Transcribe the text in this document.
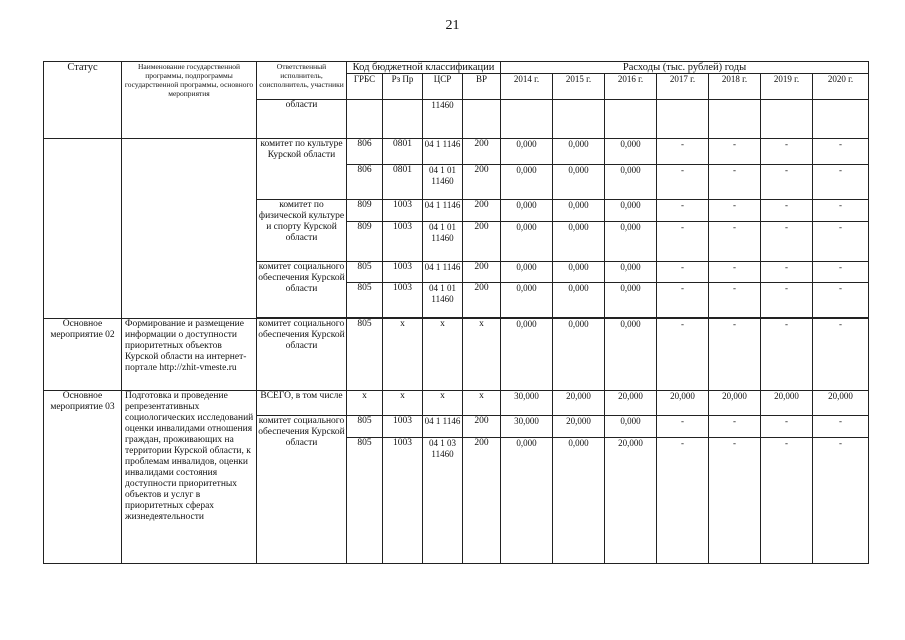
21
Статус	Наименование государственной программы, подпрограммы государственной программы, основного мероприятия	Ответственный исполнитель, соисполнитель, участники	Код бюджетной классификации				Расходы (тыс. рублей) годы						
			ГРБС	Рз Пр	ЦСР	ВР	2014 г.	2015 г.	2016 г.	2017 г.	2018 г.	2019 г.	2020 г.
		области			11460								
		комитет по культуре Курской области	806	0801	04 1 1146	200	0,000	0,000	0,000	-	-	-	-
			806	0801	04 1 01 11460	200	0,000	0,000	0,000	-	-	-	-
		комитет по физической культуре и спорту Курской области	809	1003	04 1 1146	200	0,000	0,000	0,000	-	-	-	-
			809	1003	04 1 01 11460	200	0,000	0,000	0,000	-	-	-	-
		комитет социального обеспечения Курской области	805	1003	04 1 1146	200	0,000	0,000	0,000	-	-	-	-
			805	1003	04 1 01 11460	200	0,000	0,000	0,000	-	-	-	-

Основное мероприятие 02	Формирование и размещение информации о доступности приоритетных объектов Курской области на интернет-портале http://zhit-vmeste.ru	комитет социального обеспечения Курской области	805	х	х	х	0,000	0,000	0,000	-	-	-	-
Основное мероприятие 03	Подготовка и проведение репрезентативных социологических исследований оценки инвалидами отношения граждан, проживающих на территории Курской области, к проблемам инвалидов, оценки инвалидами состояния доступности приоритетных объектов и услуг в приоритетных сферах жизнедеятельности	ВСЕГО, в том числе	х	х	х	х	30,000	20,000	20,000	20,000	20,000	20,000	20,000
		комитет социального обеспечения Курской области	805	1003	04 1 1146	200	30,000	20,000	0,000	-	-	-	-
			805	1003	04 1 03 11460	200	0,000	0,000	20,000	-	-	-	-
